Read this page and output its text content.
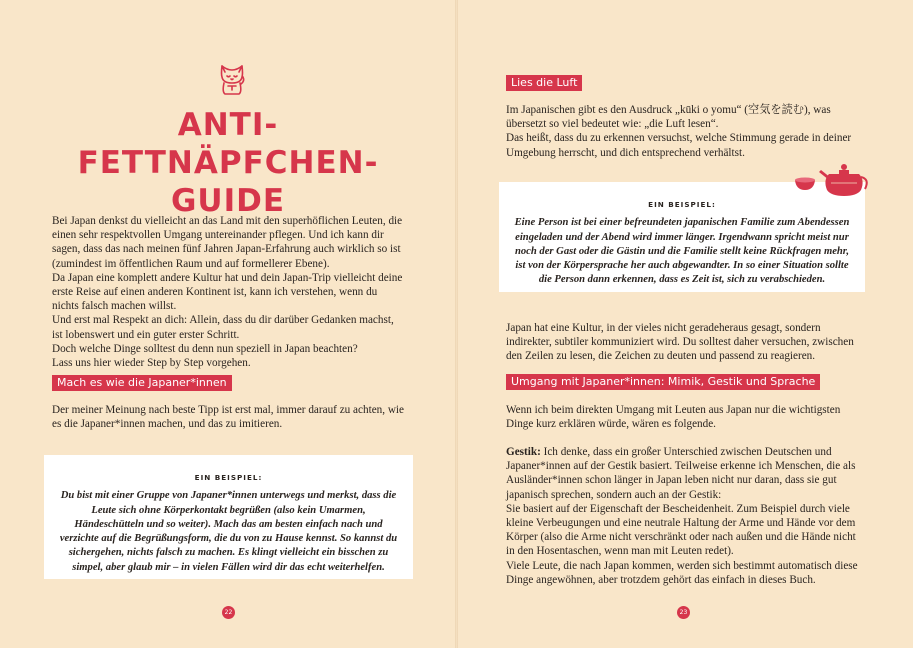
ANTI-FETTNÄPFCHEN-
GUIDE

Bei Japan denkst du vielleicht an das Land mit den superhöflichen Leuten, die einen sehr respektvollen Umgang untereinander pflegen. Und ich kann dir sagen, dass das nach meinen fünf Jahren Japan-Erfahrung auch wirklich so ist (zumindest im öffentlichen Raum und auf formellerer Ebene).

Da Japan eine komplett andere Kultur hat und dein Japan-Trip vielleicht deine erste Reise auf einen anderen Kontinent ist, kann ich verstehen, wenn du nichts falsch machen willst.

Und erst mal Respekt an dich: Allein, dass du dir darüber Gedanken machst, ist lobenswert und ein guter erster Schritt.

Doch welche Dinge solltest du denn nun speziell in Japan beachten?

Lass uns hier wieder Step by Step vorgehen.

Mach es wie die Japaner*innen

Der meiner Meinung nach beste Tipp ist erst mal, immer darauf zu achten, wie es die Japaner*innen machen, und das zu imitieren.

EIN BEISPIEL:

Du bist mit einer Gruppe von Japaner*innen unterwegs und merkst, dass die Leute sich ohne Körperkontakt begrüßen (also kein Umarmen, Händeschütteln und so weiter). Mach das am besten einfach nach und verzichte auf die Begrüßungsform, die du von zu Hause kennst. So kannst du sichergehen, nichts falsch zu machen. Es klingt vielleicht ein bisschen zu simpel, aber glaub mir – in vielen Fällen wird dir das echt weiterhelfen.

22
Lies die Luft

Im Japanischen gibt es den Ausdruck „kūki o yomu“ (空気を読む), was übersetzt so viel bedeutet wie: „die Luft lesen“.

Das heißt, dass du zu erkennen versuchst, welche Stimmung gerade in deiner Umgebung herrscht, und dich entsprechend verhältst.

EIN BEISPIEL:

Eine Person ist bei einer befreundeten japanischen Familie zum Abendessen eingeladen und der Abend wird immer länger. Irgendwann spricht meist nur noch der Gast oder die Gästin und die Familie stellt keine Rückfragen mehr, ist von der Körpersprache her auch abgewandter. In so einer Situation sollte die Person dann erkennen, dass es Zeit ist, sich zu verabschieden.

Japan hat eine Kultur, in der vieles nicht geradeheraus gesagt, sondern indirekter, subtiler kommuniziert wird. Du solltest daher versuchen, zwischen den Zeilen zu lesen, die Zeichen zu deuten und passend zu reagieren.

Umgang mit Japaner*innen: Mimik, Gestik und Sprache

Wenn ich beim direkten Umgang mit Leuten aus Japan nur die wichtigsten Dinge kurz erklären würde, wären es folgende.

Gestik: Ich denke, dass ein großer Unterschied zwischen Deutschen und Japaner*innen auf der Gestik basiert. Teilweise erkenne ich Menschen, die als Ausländer*innen schon länger in Japan leben nicht nur daran, dass sie gut japanisch sprechen, sondern auch an der Gestik:

Sie basiert auf der Eigenschaft der Bescheidenheit. Zum Beispiel durch viele kleine Verbeugungen und eine neutrale Haltung der Arme und Hände vor dem Körper (also die Arme nicht verschränkt oder nach außen und die Hände nicht in den Hosentaschen, wenn man mit Leuten redet).

Viele Leute, die nach Japan kommen, werden sich bestimmt automatisch diese Dinge angewöhnen, aber trotzdem gehört das einfach in dieses Buch.

23
